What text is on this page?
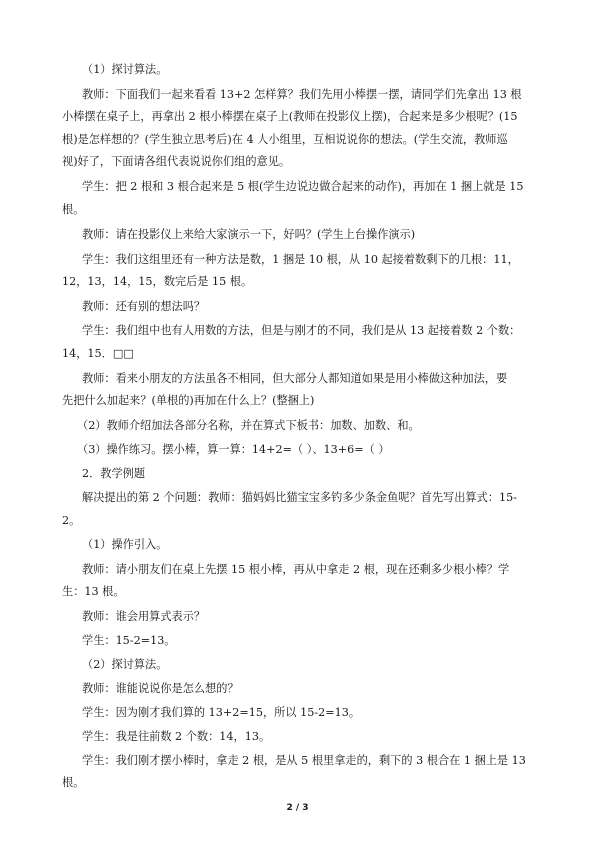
（1）探讨算法。
教师：下面我们一起来看看 13+2 怎样算？我们先用小棒摆一摆，请同学们先拿出 13 根
小棒摆在桌子上，再拿出 2 根小棒摆在桌子上(教师在投影仪上摆)，合起来是多少根呢？(15
根)是怎样想的？(学生独立思考后)在 4 人小组里，互相说说你的想法。(学生交流，教师巡
视)好了，下面请各组代表说说你们组的意见。
学生：把 2 根和 3 根合起来是 5 根(学生边说边做合起来的动作)，再加在 1 捆上就是 15
根。
教师：请在投影仪上来给大家演示一下，好吗？(学生上台操作演示)
学生：我们这组里还有一种方法是数，1 捆是 10 根，从 10 起接着数剩下的几根：11，
12，13，14，15，数完后是 15 根。
教师：还有别的想法吗？
学生：我们组中也有人用数的方法，但是与刚才的不同，我们是从 13 起接着数 2 个数：
14，15．□□
教师：看来小朋友的方法虽各不相同，但大部分人都知道如果是用小棒做这种加法，要
先把什么加起来？(单根的)再加在什么上？(整捆上)
（2）教师介绍加法各部分名称，并在算式下板书：加数、加数、和。
（3）操作练习。摆小棒，算一算：14+2=（ ）、13+6=（ ）
2．教学例题
解决提出的第 2 个问题：教师：猫妈妈比猫宝宝多钓多少条金鱼呢？首先写出算式：15-
2。
（1）操作引入。
教师：请小朋友们在桌上先摆 15 根小棒，再从中拿走 2 根，现在还剩多少根小棒？学
生：13 根。
教师：谁会用算式表示？
学生：15-2=13。
（2）探讨算法。
教师：谁能说说你是怎么想的？
学生：因为刚才我们算的 13+2=15，所以 15-2=13。
学生：我是往前数 2 个数：14，13。
学生：我们刚才摆小棒时，拿走 2 根，是从 5 根里拿走的，剩下的 3 根合在 1 捆上是 13
根。
2 / 3
